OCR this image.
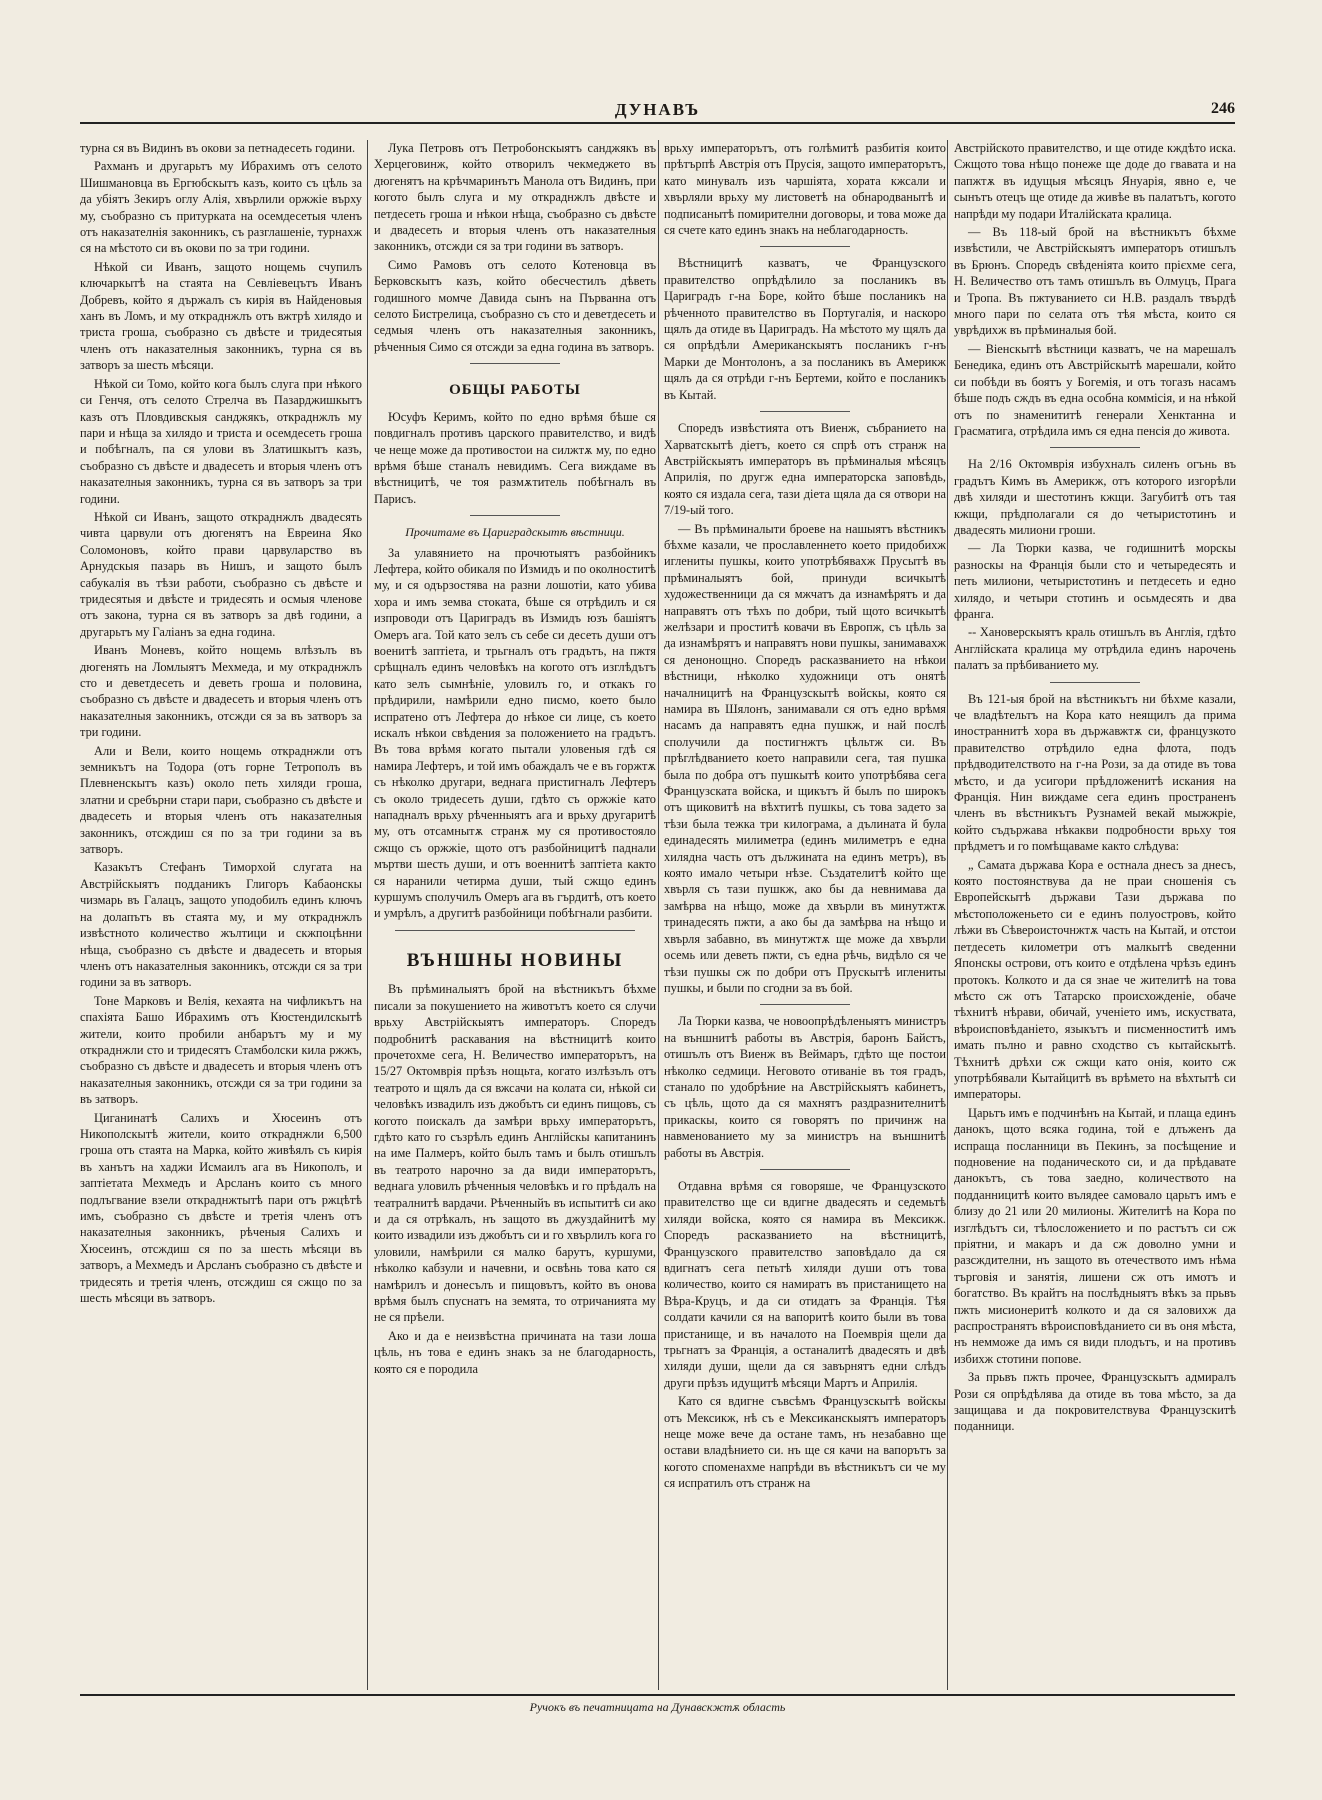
ДУНАВЪ	246

турна ся въ Видинъ въ окови за петнадесеть години.

Рахманъ и другарьтъ му Ибрахимъ отъ селото Шишмановца въ Ергюбскытъ казъ, които съ цѣль за да убіятъ Зекиръ оглу Алія, хвърлили оржжіе върху му, съобразно съ притурката на осемдесетыя членъ отъ наказателнія законникъ, съ разглашеніе, турнахж ся на мѣстото си въ окови по за три години.

Нѣкой си Иванъ, защото нощемь счупилъ ключаркытѣ на стаята на Севліевецътъ Иванъ Добревъ, който я държалъ съ кирія въ Найденовыя ханъ въ Ломъ, и му откраднжлъ отъ вжтрѣ хилядо и триста гроша, съобразно съ двѣсте и тридесятыя членъ отъ наказателныя законникъ, турна ся въ затворъ за шесть мѣсяци.

Нѣкой си Томо, който кога былъ слуга при нѣкого си Генчя, отъ селото Стрелча въ Пазарджишкытъ казъ отъ Пловдивскыя санджякъ, откраднжлъ му пари и нѣща за хилядо и триста и осемдесеть гроша и побѣгналъ, па ся улови въ Златишкытъ казъ, съобразно съ двѣсте и двадесеть и вторыя членъ отъ наказателныя законникъ, турна ся въ затворъ за три години.

Нѣкой си Иванъ, защото откраднжлъ двадесять чивта царвули отъ дюгенятъ на Евреина Яко Соломоновъ, който прави царвуларство въ Арнудскыя пазарь въ Нишъ, и защото былъ сабукалія въ тѣзи работи, съобразно съ двѣсте и тридесятыя и двѣсте и тридесять и осмыя членове отъ закона, турна ся въ затворъ за двѣ години, а другарьтъ му Галіанъ за една година.

Иванъ Моневъ, който нощемь влѣзълъ въ дюгенять на Ломлыятъ Мехмеда, и му откраднжлъ сто и деветдесеть и деветь гроша и половина, съобразно съ двѣсте и двадесеть и вторыя членъ отъ наказателныя законникъ, отсжди ся за въ затворъ за три години.

Али и Вели, които нощемь откраднжли отъ земникътъ на Тодора (отъ горне Тетрополъ въ Плевненскытъ казъ) около петь хиляди гроша, златни и сребърни стари пари, съобразно съ двѣсте и двадесеть и вторыя членъ отъ наказателныя законникъ, отсждиш ся по за три години за въ затворъ.

Казакътъ Стефанъ Тиморхой слугата на Австрійскыятъ подданикъ Глигоръ Кабаонскы чизмарь въ Галацъ, защото уподобилъ единъ ключъ на долапътъ въ стаята му, и му откраднжлъ извѣстното количество жълтици и скжпоцѣнни нѣща, съобразно съ двѣсте и двадесеть и вторыя членъ отъ наказателныя законникъ, отсжди ся за три години за въ затворъ.

Тоне Марковъ и Велія, кехаята на чифликътъ на спахіята Башо Ибрахимъ отъ Кюстендилскытѣ жители, които пробили анбарътъ му и му откраднжли сто и тридесятъ Стамболски кила ржжъ, съобразно съ двѣсте и двадесеть и вторыя членъ отъ наказателныя законникъ, отсжди ся за три години за въ затворъ.

Циганинатѣ Салихъ и Хюсеинъ отъ Никополскытѣ жители, които откраднжли 6,500 гроша отъ стаята на Марка, който живѣялъ съ кирія въ ханътъ на хаджи Исмаилъ ага въ Никополъ, и заптіетата Мехмедъ и Арсланъ които съ много подлъгвание взели откраднжтытѣ пари отъ ржцѣтѣ имъ, съобразно съ двѣсте и третія членъ отъ наказателныя законникъ, рѣченыя Салихъ и Хюсеинъ, отсждиш ся по за шесть мѣсяци въ затворъ, а Мехмедъ и Арсланъ съобразно съ двѣсте и тридесять и третія членъ, отсждиш ся сжщо по за шесть мѣсяци въ затворъ.

Лука Петровъ отъ Петробонскыятъ санджякъ въ Херцеговинж, който отворилъ чекмеджето въ дюгенятъ на крѣчмаринътъ Манола отъ Видинъ, при когото былъ слуга и му откраднжлъ двѣсте и петдесеть гроша и нѣкои нѣща, съобразно съ двѣсте и двадесеть и вторыя членъ отъ наказателныя законникъ, отсжди ся за три години въ затворъ.

Симо Рамовъ отъ селото Котеновца въ Берковскытъ казъ, който обесчестилъ дѣветь годишного момче Давида сынъ на Първанна отъ селото Бистрелица, съобразно съ сто и деветдесеть и седмыя членъ отъ наказателныя законникъ, рѣченныя Симо ся отсжди за една година въ затворъ.

ОБЩЫ РАБОТЫ

Юсуфъ Керимъ, който по едно врѣмя бѣше ся повдигналъ противъ царского правителство, и видѣ че неще може да противостои на силжтѫ му, по едно врѣмя бѣше станалъ невидимъ. Сега виждаме въ вѣстницитѣ, че тоя размѫтитель побѣгналъ въ Парисъ.

Прочитаме въ Цариградскытѣ вѣстници.

За улавянието на прочютыятъ разбойникъ Лефтера, който обикаля по Измидъ и по околноститѣ му, и ся одързостява на разни лошотіи, като убива хора и имъ земва стоката, бѣше ся отрѣдилъ и ся изпроводи отъ Цариградъ въ Измидъ юзъ башіятъ Омеръ ага. Той като зелъ съ себе си десеть души отъ военитѣ заптіета, и трьгналъ отъ градътъ, на пжтя срѣщналъ единъ человѣкъ на когото отъ изглѣдътъ като зелъ сымнѣніе, уловилъ го, и откакъ го прѣдирили, намѣрили едно писмо, което было испратено отъ Лефтера до нѣкое си лице, съ което искалъ нѣкои свѣдения за положението на градътъ. Въ това врѣмя когато пытали уловеныя гдѣ ся намира Лефтеръ, и той имъ обаждалъ че е въ горжтѫ съ нѣколко другари, веднага пристигналъ Лефтеръ съ около тридесеть души, гдѣто съ оржжіе като нападналъ врьху рѣченныятъ ага и врьху другаритѣ му, отъ отсамнытѫ странѫ му ся противостояло сжщо съ оржжіе, щото отъ разбойницитѣ паднали мъртви шесть души, и отъ военнитѣ заптіета както ся наранили четирма души, тый сжщо единъ куршумъ сполучилъ Омеръ ага въ гърдитѣ, отъ което и умрѣлъ, а другитѣ разбойници побѣгнали разбити.

ВЪНШНЫ НОВИНЫ

Въ прѣминалыятъ брой на вѣстникътъ бѣхме писали за покушението на животътъ което ся случи врьху Австрійскыятъ императоръ. Споредъ подробнитѣ раскавания на вѣстницитѣ които прочетохме сега, Н. Величество императорътъ, на 15/27 Октомврія прѣзъ нощьта, когато излѣзълъ отъ театрото и щялъ да ся вжсачи на колата си, нѣкой си человѣкъ извадилъ изъ джобътъ си единъ пищовъ, съ когото поискалъ да замѣри врьху императорътъ, гдѣто като го съзрѣлъ единъ Англійскы капитанинъ на име Палмеръ, който былъ тамъ и былъ отишълъ въ театрото нарочно за да види императорътъ, веднага уловилъ рѣченныя человѣкъ и го прѣдалъ на театралнитѣ вардачи. Рѣченныйъ въ испытитѣ си ако и да ся отрѣкалъ, нъ защото въ джуздайнитѣ му които извадили изъ джобътъ си и го хвърлилъ кога го уловили, намѣрили ся малко барутъ, куршуми, нѣколко кабзули и начевни, и освѣнь това като ся намѣрилъ и донесълъ и пищовътъ, който въ онова врѣмя былъ спуснатъ на земята, то отричанията му не ся прѣели.

Ако и да е неизвѣстна причината на тази лоша цѣль, нъ това е единъ знакъ за не благодарность, която ся е породила

врьху императорътъ, отъ голѣмитѣ разбитія които прѣтърпѣ Австрія отъ Прусія, защото императорътъ, като минувалъ изъ чаршіята, хората кжсали и хвърляли врьху му листоветѣ на обнародванытѣ и подписанытѣ помирителни договоры, и това може да ся счете като единъ знакъ на неблагодарность.

Вѣстницитѣ казватъ, че Французского правителство опрѣдѣлило за посланикъ въ Цариградъ г-на Боре, който бѣше посланикъ на рѣченното правителство въ Португалія, и наскоро щялъ да отиде въ Цариградъ. На мѣстото му щялъ да ся опрѣдѣли Американскыятъ посланикъ г-нъ Марки де Монтолонъ, а за посланикъ въ Америкж щялъ да ся отрѣди г-нъ Бертеми, който е посланикъ въ Кытай.

Споредъ извѣстията отъ Виенж, събранието на Харватскытѣ діетъ, което ся спрѣ отъ странж на Австрійскыятъ императоръ въ прѣминалыя мѣсяцъ Априлія, по другж една императорска заповѣдь, която ся издала сега, тази діета щяла да ся отвори на 7/19-ый того.

— Въ прѣминалыти броеве на нашыятъ вѣстникъ бѣхме казали, че прославленнето което придобихж иглениты пушкы, които употрѣбявахж Прусытѣ въ прѣминалыятъ бой, принуди всичкытѣ художественници да ся мжчатъ да изнамѣрятъ и да направятъ отъ тѣхъ по добри, тый щото всичкытѣ желѣзари и проститѣ ковачи въ Европж, съ цѣль за да изнамѣрятъ и направятъ нови пушкы, занимавахж ся денонощно. Споредъ расказванието на нѣкои вѣстници, нѣколко художници отъ онятѣ началницитѣ на Французскытѣ войскы, която ся намира въ Шялонъ, занимавали ся отъ едно врѣмя насамъ да направятъ една пушкж, и най послѣ сполучили да постигнжтъ цѣльтж си. Въ прѣглѣдванието което направили сега, тая пушка была по добра отъ пушкытѣ които употрѣбява сега Французската войска, и щикътъ й былъ по широкъ отъ щиковитѣ на вѣхтитѣ пушкы, съ това задето за тѣзи была тежка три килограма, а дълината й була единадесять милиметра (единъ милиметръ е една хилядна часть отъ дължината на единъ метръ), въ която имало четыри нѣзе. Създателитѣ който ще хвърля съ тази пушкж, ако бы да невнимава да замѣрва на нѣщо, може да хвърли въ минутжтѫ тринадесять пжти, а ако бы да замѣрва на нѣщо и хвърля забавно, въ минутжтѫ ще може да хвърли осемь или деветь пжти, съ една рѣчь, видѣло ся че тѣзи пушкы сж по добри отъ Прускытѣ иглениты пушкы, и были по сгодни за въ бой.

Ла Тюрки казва, че новоопрѣдѣленыятъ министръ на външнитѣ работы въ Австрія, баронъ Байстъ, отишълъ отъ Виенж въ Веймаръ, гдѣто ще постои нѣколко седмици. Неговото отиваніе въ тоя градъ, станало по удобрѣние на Австрійскыятъ кабинетъ, съ цѣль, щото да ся махнятъ раздразнителнитѣ прикаскы, които ся говорятъ по причинж на навменованието му за министръ на външнитѣ работы въ Австрія.

Отдавна врѣмя ся говоряше, че Французското правителство ще си вдигне двадесять и седемьтѣ хиляди войска, която ся намира въ Мексикж. Споредъ расказванието на вѣстницитѣ, Французского правителство заповѣдало да ся вдигнатъ сега петьтѣ хиляди души отъ това количество, които ся намиратъ въ пристанището на Вѣра-Круцъ, и да си отидатъ за Франція. Тѣя солдати качили ся на вапоритѣ които были въ това пристанище, и въ началото на Поемврія щели да трьгнатъ за Франція, а останалитѣ двадесять и двѣ хиляди души, щели да ся завърнятъ едни слѣдъ други прѣзъ идущитѣ мѣсяци Мартъ и Априлія.

Като ся вдигне съвсѣмъ Французскытѣ войскы отъ Мексикж, нѣ съ е Мексиканскыятъ императоръ неще може вече да остане тамъ, нъ незабавно ще остави владѣнието си. нъ ще ся качи на вапорътъ за когото споменахме напрѣди въ вѣстникътъ си че му ся испратилъ отъ странж на

Австрійското правителство, и ще отиде кждѣто иска. Сжщото това нѣщо понеже ще доде до гвавата и на папжтѫ въ идущыя мѣсяцъ Януарія, явно е, че сынътъ отецъ ще отиде да живѣе въ палатътъ, когото напрѣди му подари Италійската кралица.

— Въ 118-ый брой на вѣстникътъ бѣхме извѣстили, че Австрійскыятъ императоръ отишълъ въ Брюнъ. Споредъ свѣденіята които прієхме сега, Н. Величество отъ тамъ отишълъ въ Олмуцъ, Прага и Тропа. Въ пжтуванието си Н.В. раздалъ твърдѣ много пари по селата отъ тѣя мѣста, които ся уврѣдихж въ прѣминалыя бой.

— Віенскытѣ вѣстници казватъ, че на марешалъ Бенедика, единъ отъ Австрійскытѣ марешали, който си побѣди въ боятъ у Богемія, и отъ тогазъ насамъ бѣше подъ сждъ въ една особна коммісія, и на нѣкой отъ по знаменититѣ генерали Хенктанна и Грасматига, отрѣдила имъ ся една пенсія до живота.

На 2/16 Октомврія избухналъ силенъ огънь въ градътъ Кимъ въ Америкж, отъ которого изгорѣли двѣ хиляди и шестотинъ кжщи. Загубитѣ отъ тая кжщи, прѣдполагали ся до четыристотинъ и двадесять милиони гроши.

— Ла Тюрки казва, че годишнитѣ морскы разноскы на Франція были сто и четыредесять и петь милиони, четыристотинъ и петдесеть и едно хилядо, и четыри стотинъ и осьмдесять и два франга.

-- Хановерскыятъ краль отишълъ въ Англія, гдѣто Англійската кралица му отрѣдила единъ нарочень палатъ за прѣбиванието му.

Въ 121-ыя брой на вѣстникътъ ни бѣхме казали, че владѣтельтъ на Кора като неящилъ да прима иностраннитѣ хора въ държавжтѫ си, французкото правителство отрѣдило една флота, подъ прѣдводителството на г-на Рози, за да отиде въ това мѣсто, и да усигори прѣдложенитѣ искания на Франція. Нин виждаме сега единъ пространенъ членъ въ вѣстникътъ Рузнамей векай мыжжріе, който съдържава нѣкакви подробности врьху тоя прѣдметъ и го помѣщаваме както слѣдува:

„ Самата държава Кора е остнала днесъ за днесъ, която постоянствува да не праи сношенія съ Европейскытѣ държави Тази държава по мѣстоположеньето си е единъ полуостровъ, който лѣжи въ Сѣвероисточнжтѫ часть на Кытай, и отстои петдесеть километри отъ малкытѣ сведенни Японскы острови, отъ които е отдѣлена чрѣзъ единъ протокъ. Колкото и да ся знае че жителитѣ на това мѣсто сж отъ Татарско происхожденіе, обаче тѣхнитѣ нѣрави, обичай, ученіето имъ, искуствата, вѣроисповѣданіето, языкътъ и писменноститѣ имъ имать пълно и равно сходство съ кытайскытѣ. Тѣхнитѣ дрѣхи сж сжщи като онія, които сж употрѣбявали Кытайцитѣ въ врѣмето на вѣхтытѣ си императоры.

Царьтъ имъ е подчинѣнъ на Кытай, и плаща единъ данокъ, щото всяка година, той е длъженъ да испраща посланници въ Пекинъ, за посѣщение и подновение на поданическото си, и да прѣдавате данокътъ, съ това заедно, количеството на подданницитѣ които вълядее самовало царьтъ имъ е близу до 21 или 20 милионы. Жителитѣ на Кора по изглѣдътъ си, тѣлосложението и по растътъ си сж пріятни, и макаръ и да сж доволно умни и разсждителни, нъ защото въ отечеството имъ нѣма търговія и занятія, лишени сж отъ имотъ и богатство. Въ крайтъ на послѣдныятъ вѣкъ за прьвъ пжть мисионеритѣ колкото и да ся заловихж да распространятъ вѣроисповѣданието си въ оня мѣста, нъ немможе да имъ ся види плодътъ, и на противъ избихж стотини попове.

За прьвъ пжть прочее, Французскытъ адмиралъ Рози ся опрѣдѣлява да отиде въ това мѣсто, за да защищава и да покровителствува Французскитѣ поданници.

Ручокъ въ печатницата на Дунавскжтѫ область
